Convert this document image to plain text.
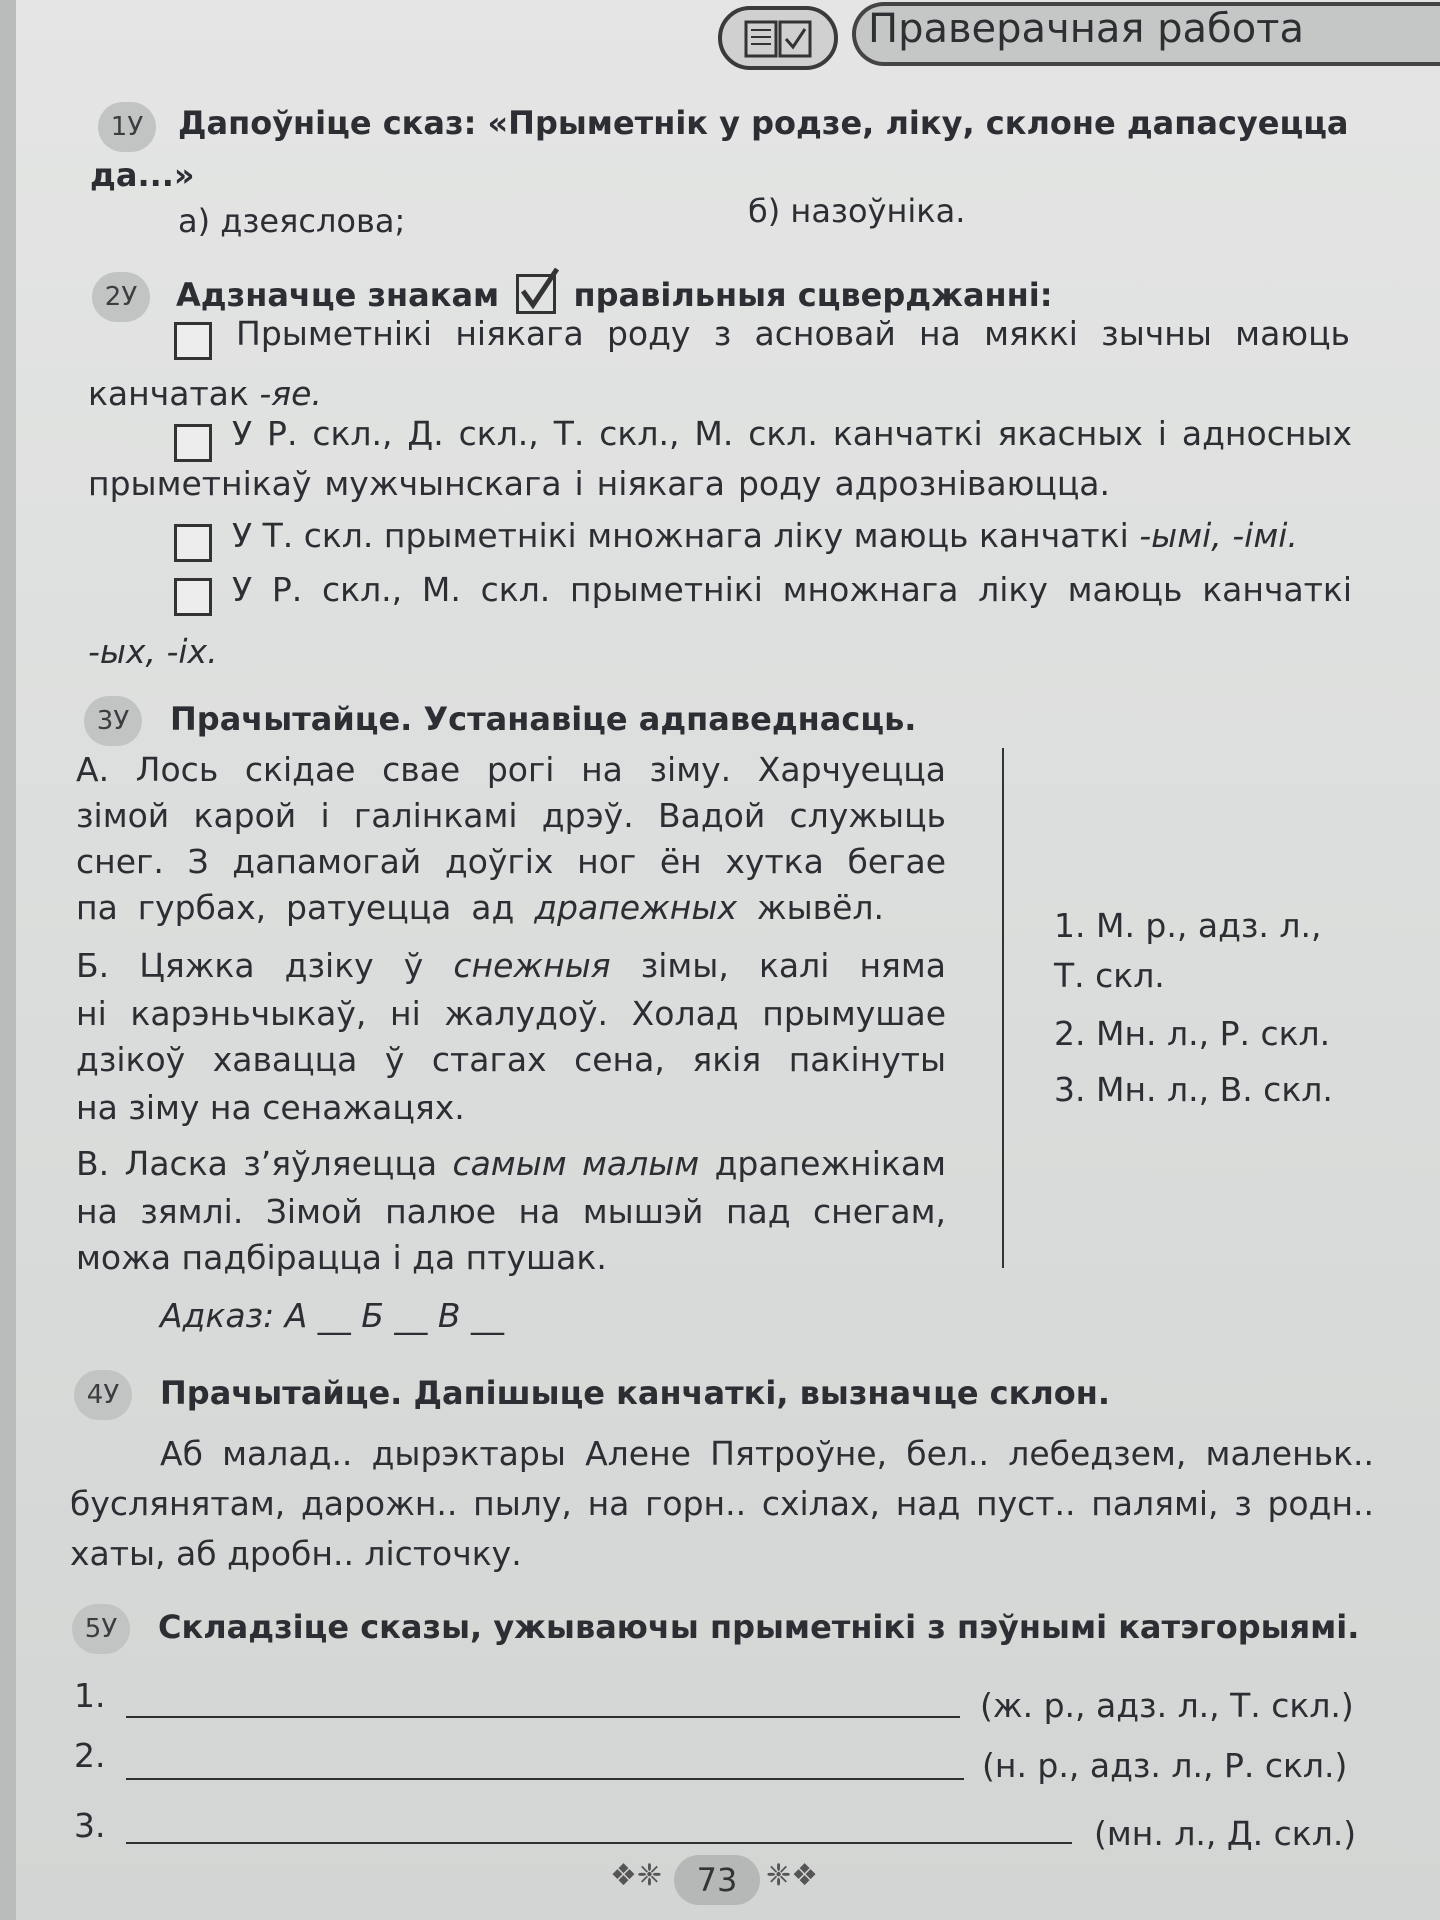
Праверачная работа
1У	Дапоўніце сказ: «Прыметнік у родзе, ліку, склоне дапасуецца
да...»
а) дзеяслова;	б) назоўніка.
2У	Адзначце знакам правільныя сцверджанні:
Прыметнікі ніякага роду з асновай на мяккі зычны маюць
канчатак -яе.
У Р. скл., Д. скл., Т. скл., М. скл. канчаткі якасных і адносных
прыметнікаў мужчынскага і ніякага роду адрозніваюцца.
У Т. скл. прыметнікі множнага ліку маюць канчаткі -ымі, -імі.
У Р. скл., М. скл. прыметнікі множнага ліку маюць канчаткі
-ых, -іх.
3У	Прачытайце. Устанавіце адпаведнасць.
А. Лось скідае свае рогі на зіму. Харчуецца
зімой карой і галінкамі дрэў. Вадой служыць
снег. З дапамогай доўгіх ног ён хутка бегае
па гурбах, ратуецца ад драпежных жывёл.
Б. Цяжка дзіку ў снежныя зімы, калі няма
ні карэньчыкаў, ні жалудоў. Холад прымушае
дзікоў хавацца ў стагах сена, якія пакінуты
на зіму на сенажацях.
В. Ласка з’яўляецца самым малым драпежнікам
на зямлі. Зімой палюе на мышэй пад снегам,
можа падбірацца і да птушак.
Адказ: А __ Б __ В __
1. М. р., адз. л.,
Т. скл.
2. Мн. л., Р. скл.
3. Мн. л., В. скл.
4У	Прачытайце. Дапішыце канчаткі, вызначце склон.
Аб малад.. дырэктары Алене Пятроўне, бел.. лебедзем, маленьк..
буслянятам, дарожн.. пылу, на горн.. схілах, над пуст.. палямі, з родн..
хаты, аб дробн.. лісточку.
5У	Складзіце сказы, ужываючы прыметнікі з пэўнымі катэгорыямі.
1.	(ж. р., адз. л., Т. скл.)
2.	(н. р., адз. л., Р. скл.)
3.	(мн. л., Д. скл.)
❖❈	73 ❈❖
